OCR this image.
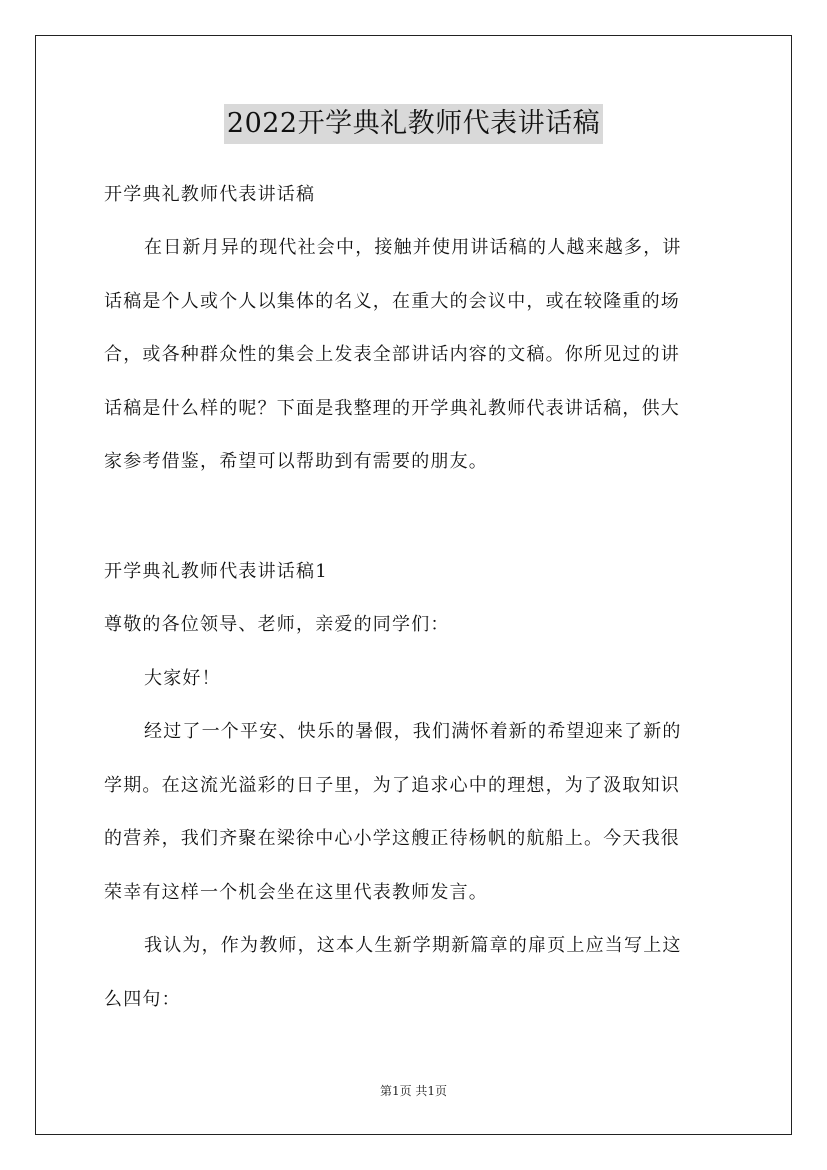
2022开学典礼教师代表讲话稿
开学典礼教师代表讲话稿
在日新月异的现代社会中，接触并使用讲话稿的人越来越多，讲
话稿是个人或个人以集体的名义，在重大的会议中，或在较隆重的场
合，或各种群众性的集会上发表全部讲话内容的文稿。你所见过的讲
话稿是什么样的呢？下面是我整理的开学典礼教师代表讲话稿，供大
家参考借鉴，希望可以帮助到有需要的朋友。
开学典礼教师代表讲话稿1
尊敬的各位领导、老师，亲爱的同学们：
大家好！
经过了一个平安、快乐的暑假，我们满怀着新的希望迎来了新的
学期。在这流光溢彩的日子里，为了追求心中的理想，为了汲取知识
的营养，我们齐聚在梁徐中心小学这艘正待杨帆的航船上。今天我很
荣幸有这样一个机会坐在这里代表教师发言。
我认为，作为教师，这本人生新学期新篇章的扉页上应当写上这
么四句：
第1页 共1页
